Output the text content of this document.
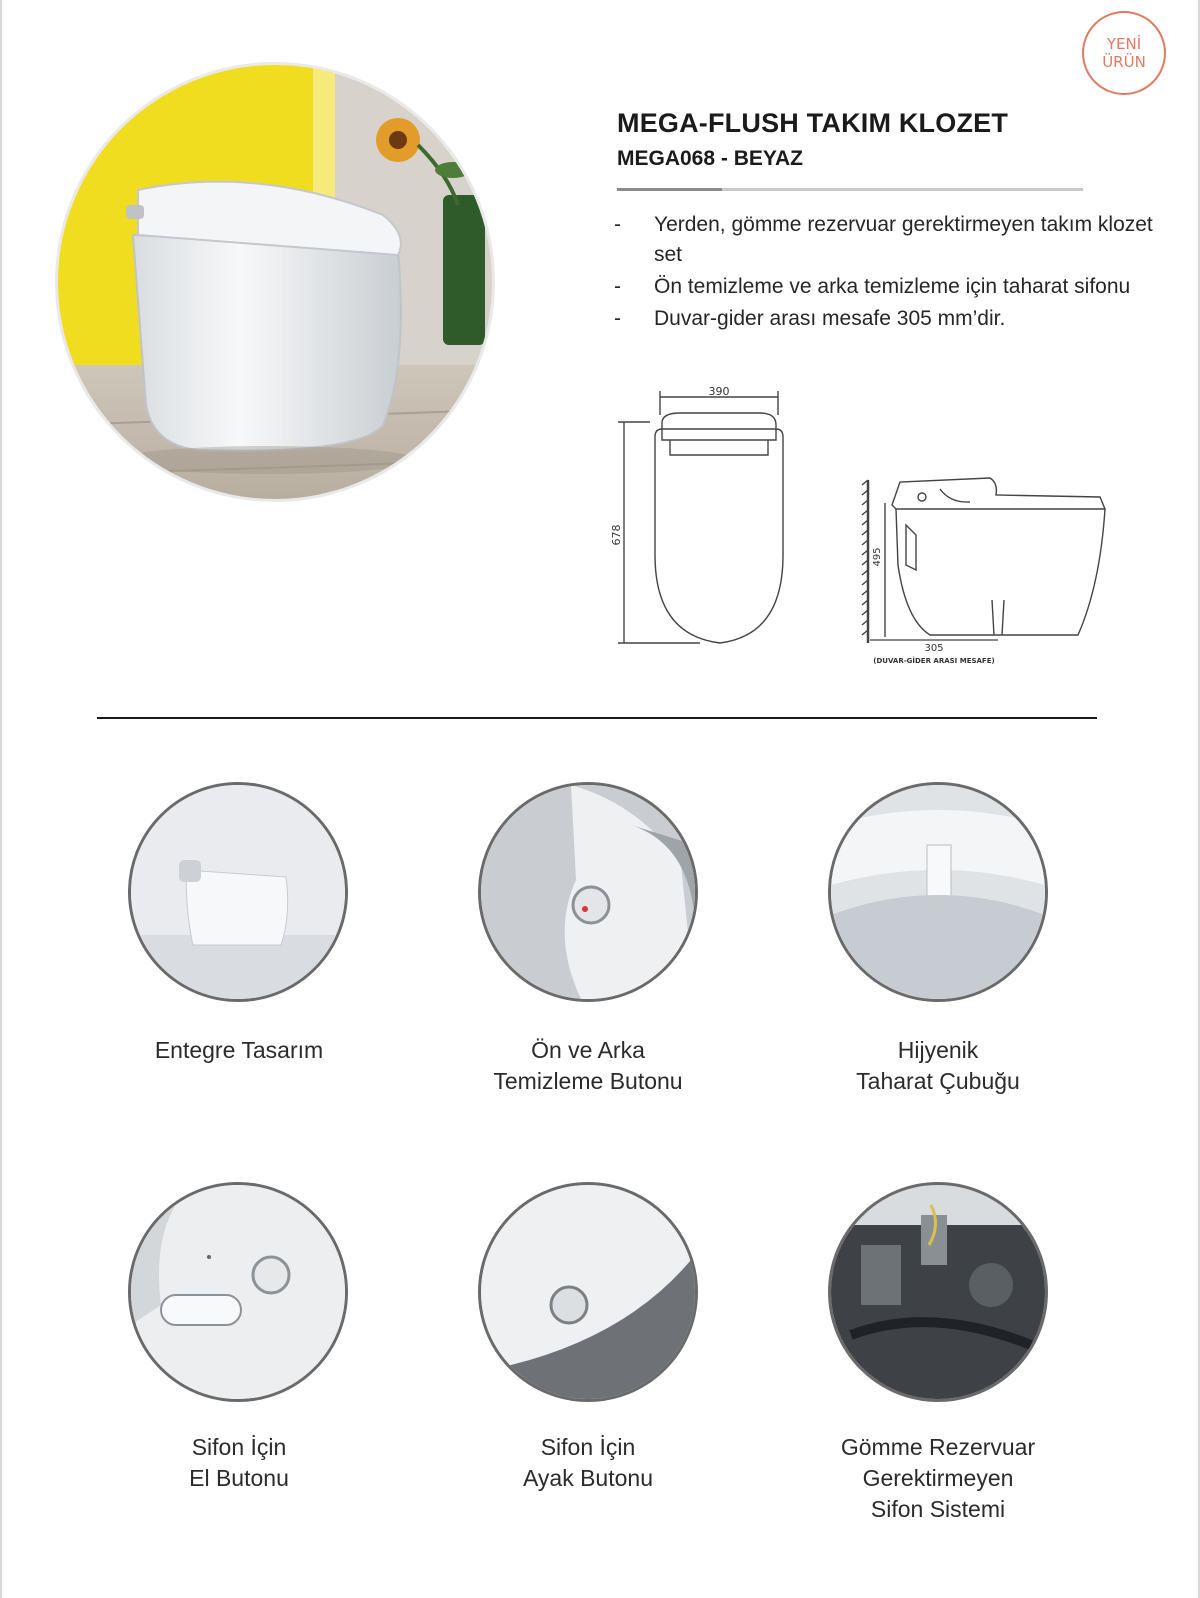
YENİ
ÜRÜN
MEGA-FLUSH TAKIM KLOZET
MEGA068 - BEYAZ
- Yerden, gömme rezervuar gerektirmeyen takım klozet set
- Ön temizleme ve arka temizleme için taharat sifonu
- Duvar-gider arası mesafe 305 mm’dir.
390
678
495
305
(DUVAR-GİDER ARASI MESAFE)
Entegre Tasarım	Ön ve Arka
Temizleme Butonu
Hijyenik
Taharat Çubuğu
Sifon İçin
El Butonu
Sifon İçin
Ayak Butonu
Gömme Rezervuar
Gerektirmeyen
Sifon Sistemi
